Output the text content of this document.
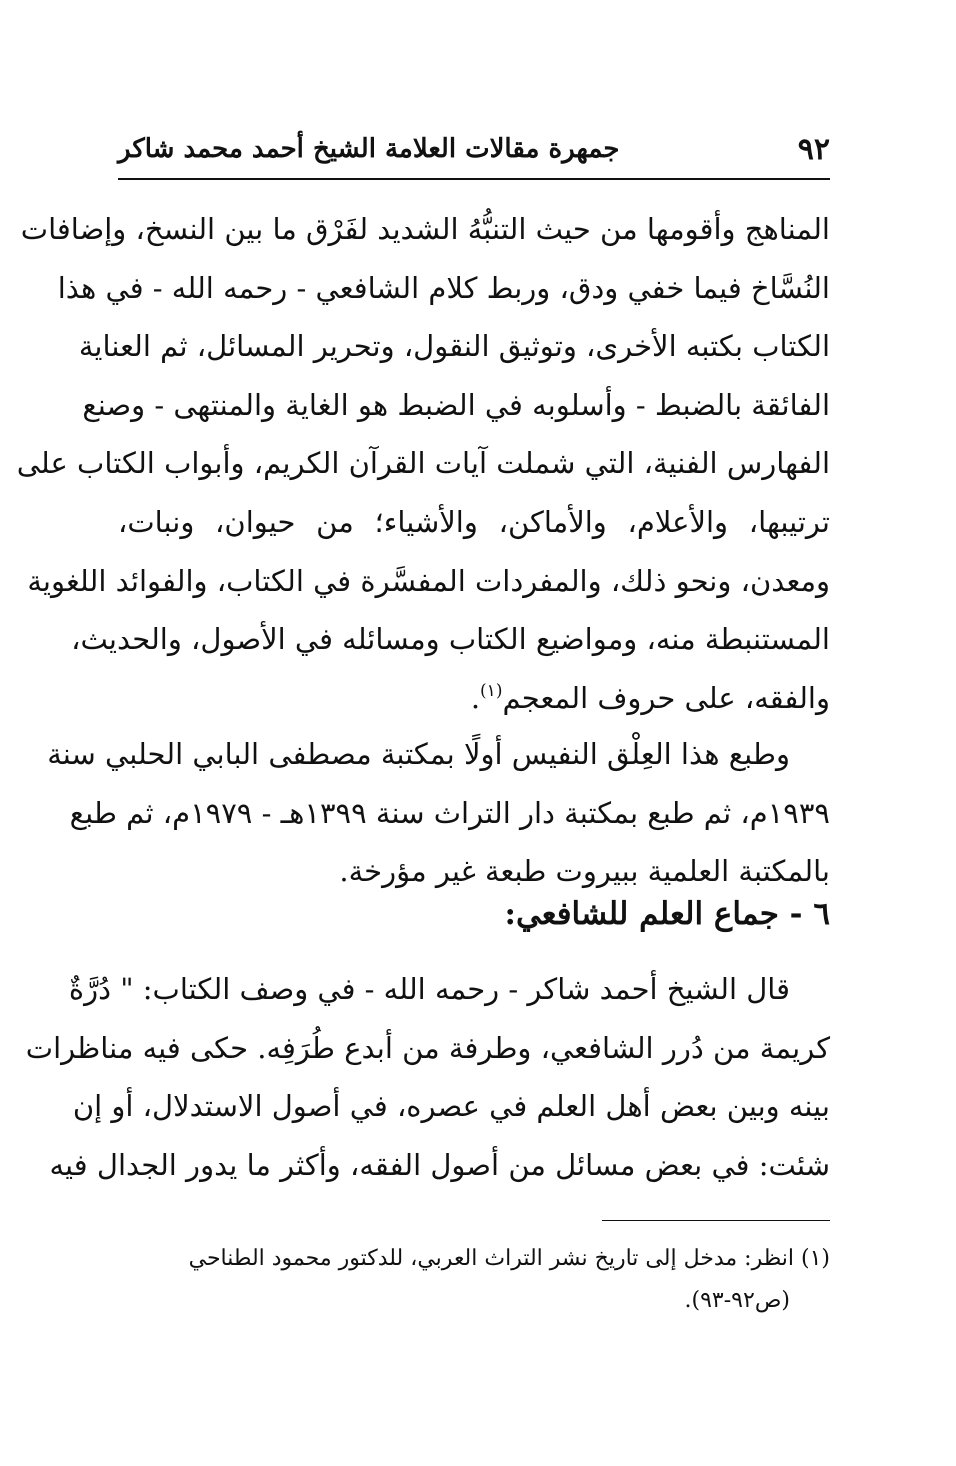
٩٢
جمهرة مقالات العلامة الشيخ أحمد محمد شاكر
المناهج وأقومها من حيث التنبُّهُ الشديد لفَرْق ما بين النسخ، وإضافات
النُسَّاخ فيما خفي ودق، وربط كلام الشافعي - رحمه الله - في هذا
الكتاب بكتبه الأخرى، وتوثيق النقول، وتحرير المسائل، ثم العناية
الفائقة بالضبط - وأسلوبه في الضبط هو الغاية والمنتهى - وصنع
الفهارس الفنية، التي شملت آيات القرآن الكريم، وأبواب الكتاب على
ترتيبها، والأعلام، والأماكن، والأشياء؛ من حيوان، ونبات،
ومعدن، ونحو ذلك، والمفردات المفسَّرة في الكتاب، والفوائد اللغوية
المستنبطة منه، ومواضيع الكتاب ومسائله في الأصول، والحديث،
والفقه، على حروف المعجم$^{(١)}$.
وطبع هذا العِلْق النفيس أولًا بمكتبة مصطفى البابي الحلبي سنة
١٩٣٩م، ثم طبع بمكتبة دار التراث سنة ١٣٩٩هـ - ١٩٧٩م، ثم طبع
بالمكتبة العلمية ببيروت طبعة غير مؤرخة.
٦ - جماع العلم للشافعي:
قال الشيخ أحمد شاكر - رحمه الله - في وصف الكتاب: " دُرَّةٌ
كريمة من دُرر الشافعي، وطرفة من أبدع طُرَفِه. حكى فيه مناظرات
بينه وبين بعض أهل العلم في عصره، في أصول الاستدلال، أو إن
شئت: في بعض مسائل من أصول الفقه، وأكثر ما يدور الجدال فيه
(١) انظر: مدخل إلى تاريخ نشر التراث العربي، للدكتور محمود الطناحي
(ص٩٢-٩٣).
